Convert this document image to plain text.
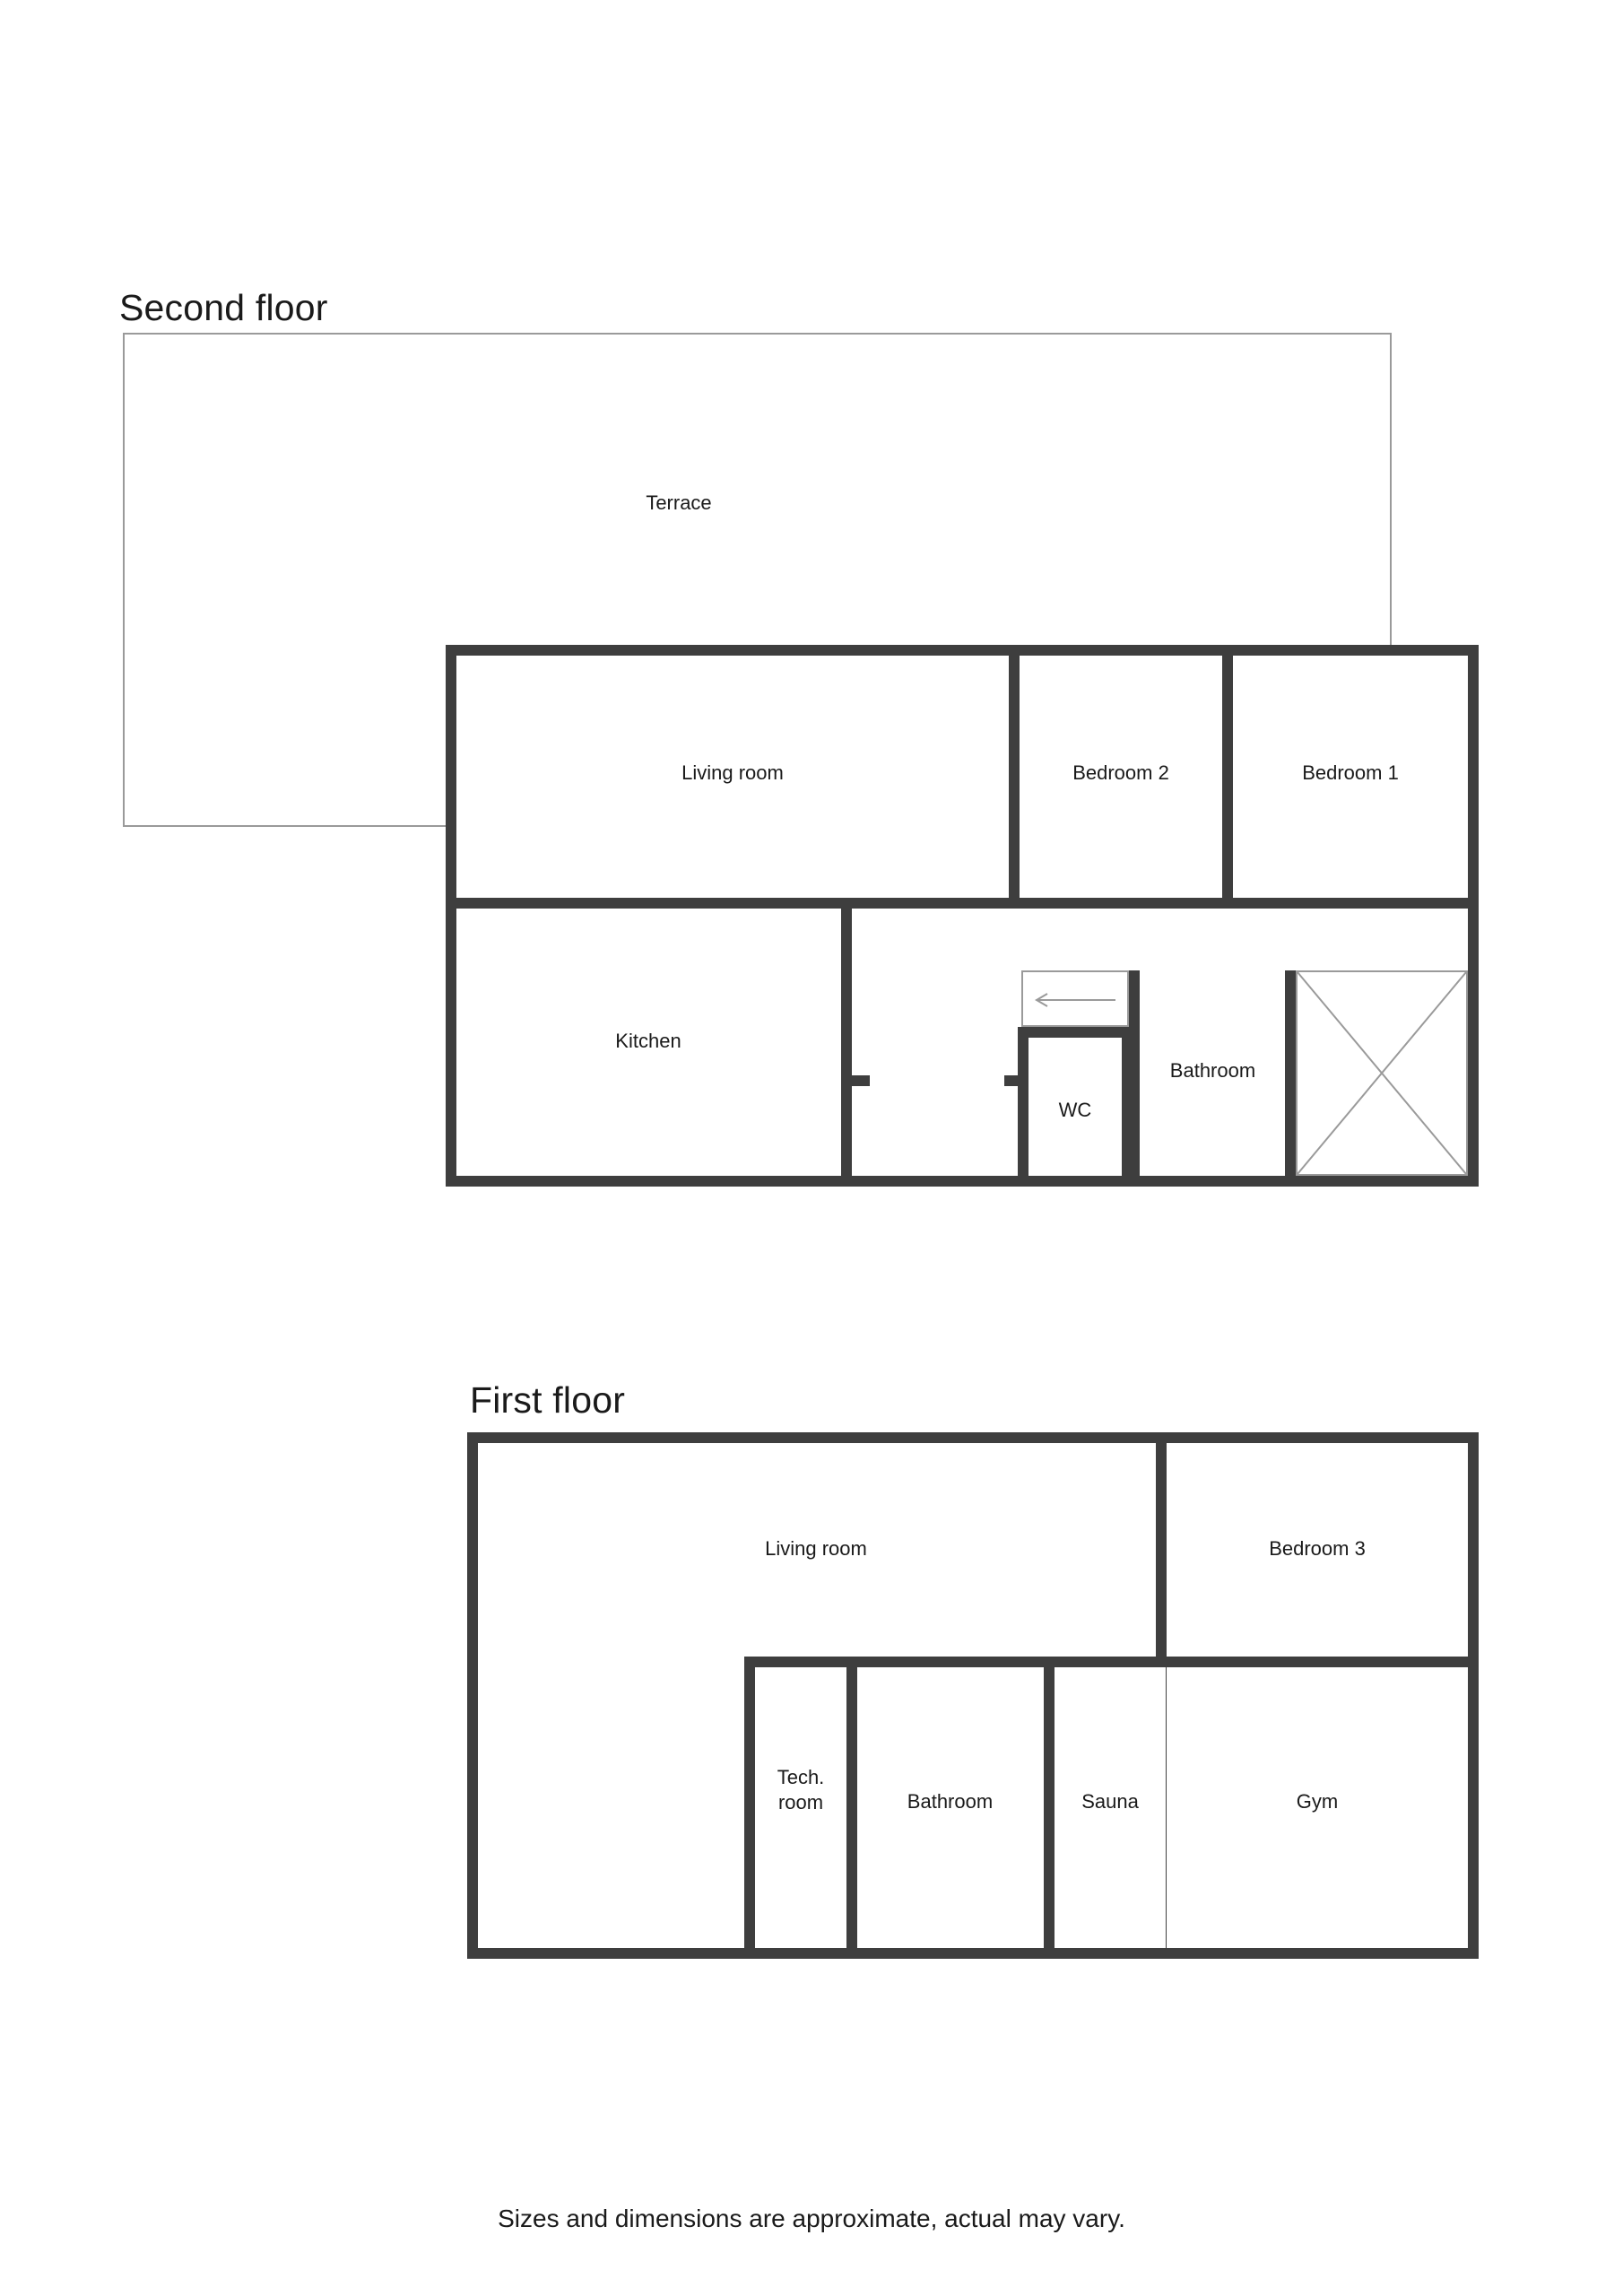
Second floor
Terrace
Living room	Bedroom 2	Bedroom 1
Kitchen
WC
Bathroom
First floor
Living room	Bedroom 3
Tech.
room	Bathroom	Sauna	Gym
Sizes and dimensions are approximate, actual may vary.
